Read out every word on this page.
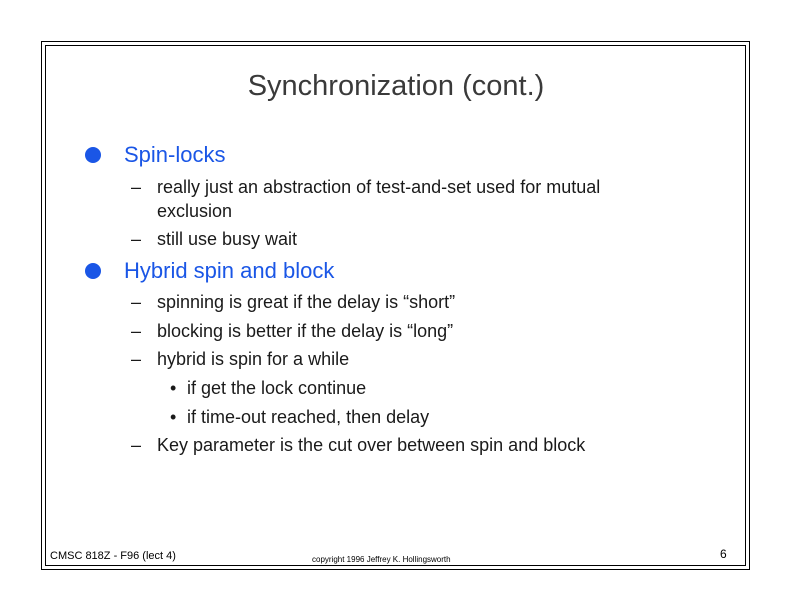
Synchronization (cont.)
Spin-locks
– really just an abstraction of test-and-set used for mutual exclusion
– still use busy wait
Hybrid spin and block
– spinning is great if the delay is “short”
– blocking is better if the delay is “long”
– hybrid is spin for a while
• if get the lock continue
• if time-out reached, then delay
– Key parameter is the cut over between spin and block
CMSC 818Z - F96 (lect 4)	copyright 1996 Jeffrey K. Hollingsworth	6
